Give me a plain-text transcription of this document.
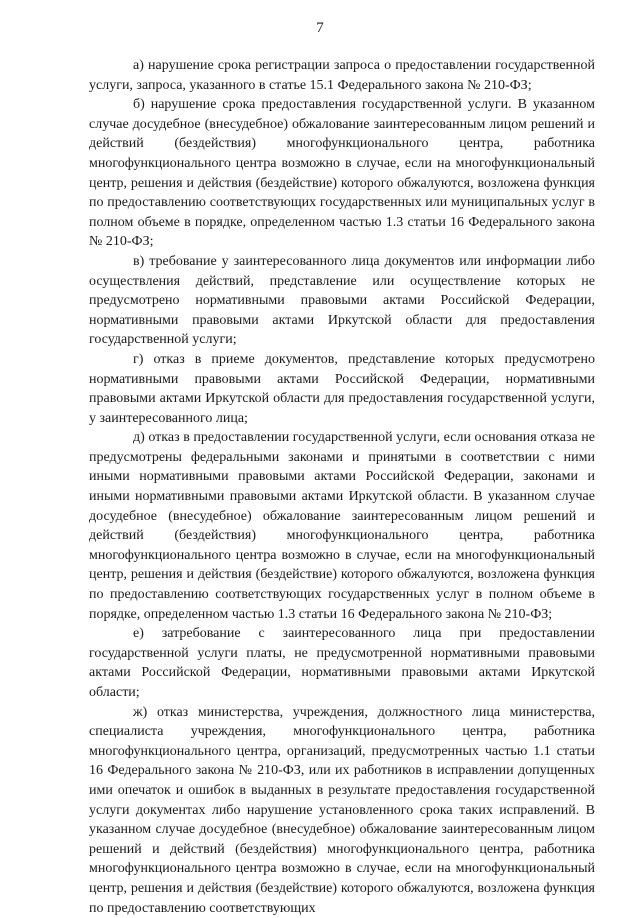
7

а) нарушение срока регистрации запроса о предоставлении государственной услуги, запроса, указанного в статье 15.1 Федерального закона № 210-ФЗ;

б) нарушение срока предоставления государственной услуги. В указанном случае досудебное (внесудебное) обжалование заинтересованным лицом решений и действий (бездействия) многофункционального центра, работника многофункционального центра возможно в случае, если на многофункциональный центр, решения и действия (бездействие) которого обжалуются, возложена функция по предоставлению соответствующих государственных или муниципальных услуг в полном объеме в порядке, определенном частью 1.3 статьи 16 Федерального закона № 210-ФЗ;

в) требование у заинтересованного лица документов или информации либо осуществления действий, представление или осуществление которых не предусмотрено нормативными правовыми актами Российской Федерации, нормативными правовыми актами Иркутской области для предоставления государственной услуги;

г) отказ в приеме документов, представление которых предусмотрено нормативными правовыми актами Российской Федерации, нормативными правовыми актами Иркутской области для предоставления государственной услуги, у заинтересованного лица;

д) отказ в предоставлении государственной услуги, если основания отказа не предусмотрены федеральными законами и принятыми в соответствии с ними иными нормативными правовыми актами Российской Федерации, законами и иными нормативными правовыми актами Иркутской области. В указанном случае досудебное (внесудебное) обжалование заинтересованным лицом решений и действий (бездействия) многофункционального центра, работника многофункционального центра возможно в случае, если на многофункциональный центр, решения и действия (бездействие) которого обжалуются, возложена функция по предоставлению соответствующих государственных услуг в полном объеме в порядке, определенном частью 1.3 статьи 16 Федерального закона № 210-ФЗ;

е) затребование с заинтересованного лица при предоставлении государственной услуги платы, не предусмотренной нормативными правовыми актами Российской Федерации, нормативными правовыми актами Иркутской области;

ж) отказ министерства, учреждения, должностного лица министерства, специалиста учреждения, многофункционального центра, работника многофункционального центра, организаций, предусмотренных частью 1.1 статьи 16 Федерального закона № 210-ФЗ, или их работников в исправлении допущенных ими опечаток и ошибок в выданных в результате предоставления государственной услуги документах либо нарушение установленного срока таких исправлений. В указанном случае досудебное (внесудебное) обжалование заинтересованным лицом решений и действий (бездействия) многофункционального центра, работника многофункционального центра возможно в случае, если на многофункциональный центр, решения и действия (бездействие) которого обжалуются, возложена функция по предоставлению соответствующих
